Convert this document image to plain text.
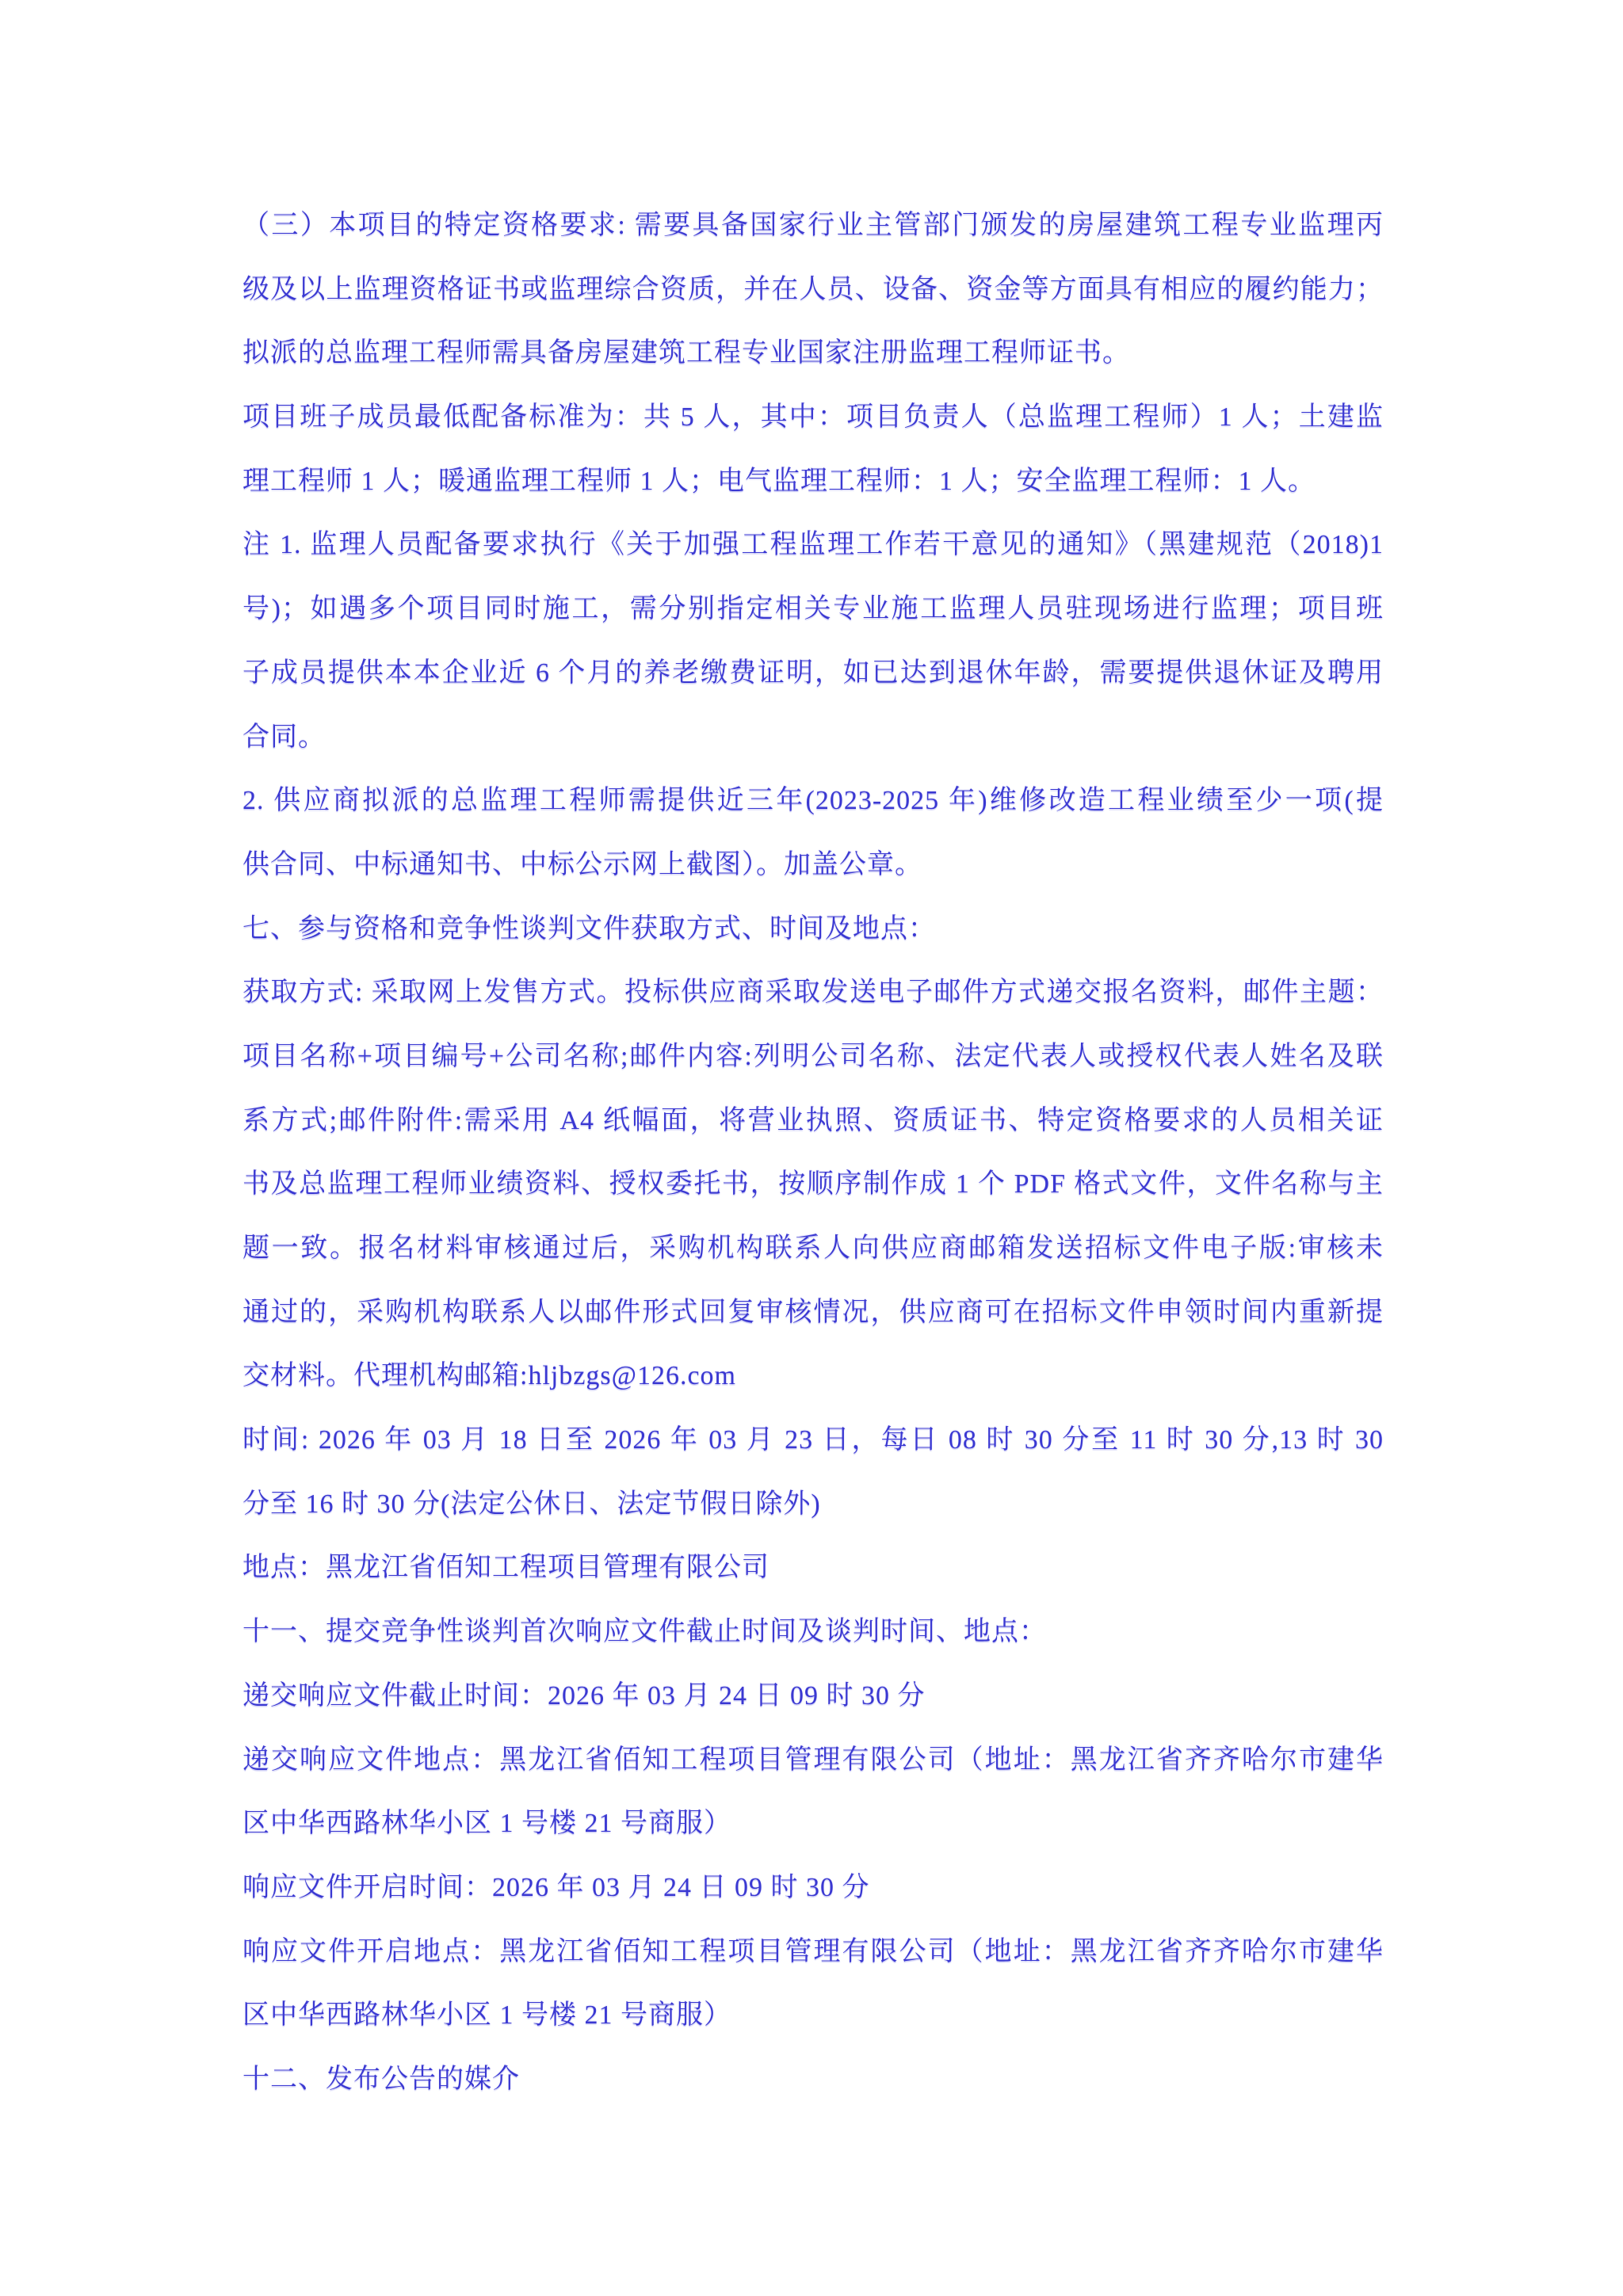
（三）本项目的特定资格要求: 需要具备国家行业主管部门颁发的房屋建筑工程专业监理丙
级及以上监理资格证书或监理综合资质，并在人员、设备、资金等方面具有相应的履约能力；
拟派的总监理工程师需具备房屋建筑工程专业国家注册监理工程师证书。
项目班子成员最低配备标准为：共 5 人，其中：项目负责人（总监理工程师）1 人；土建监
理工程师 1 人；暖通监理工程师 1 人；电气监理工程师：1 人；安全监理工程师：1 人。
注 1. 监理人员配备要求执行《关于加强工程监理工作若干意见的通知》（黑建规范（2018)1
号)；如遇多个项目同时施工，需分别指定相关专业施工监理人员驻现场进行监理；项目班
子成员提供本本企业近 6 个月的养老缴费证明，如已达到退休年龄，需要提供退休证及聘用
合同。
2. 供应商拟派的总监理工程师需提供近三年(2023-2025 年)维修改造工程业绩至少一项(提
供合同、中标通知书、中标公示网上截图）。加盖公章。
七、参与资格和竞争性谈判文件获取方式、时间及地点：
获取方式: 采取网上发售方式。投标供应商采取发送电子邮件方式递交报名资料，邮件主题：
项目名称+项目编号+公司名称;邮件内容:列明公司名称、法定代表人或授权代表人姓名及联
系方式;邮件附件:需采用 A4 纸幅面，将营业执照、资质证书、特定资格要求的人员相关证
书及总监理工程师业绩资料、授权委托书，按顺序制作成 1 个 PDF 格式文件，文件名称与主
题一致。报名材料审核通过后，采购机构联系人向供应商邮箱发送招标文件电子版:审核未
通过的，采购机构联系人以邮件形式回复审核情况，供应商可在招标文件申领时间内重新提
交材料。代理机构邮箱:hljbzgs@126.com
时间: 2026 年 03 月 18 日至 2026 年 03 月 23 日，每日 08 时 30 分至 11 时 30 分,13 时 30
分至 16 时 30 分(法定公休日、法定节假日除外)
地点：黑龙江省佰知工程项目管理有限公司
十一、提交竞争性谈判首次响应文件截止时间及谈判时间、地点：
递交响应文件截止时间：2026 年 03 月 24 日 09 时 30 分
递交响应文件地点：黑龙江省佰知工程项目管理有限公司（地址：黑龙江省齐齐哈尔市建华
区中华西路林华小区 1 号楼 21 号商服）
响应文件开启时间：2026 年 03 月 24 日 09 时 30 分
响应文件开启地点：黑龙江省佰知工程项目管理有限公司（地址：黑龙江省齐齐哈尔市建华
区中华西路林华小区 1 号楼 21 号商服）
十二、发布公告的媒介
